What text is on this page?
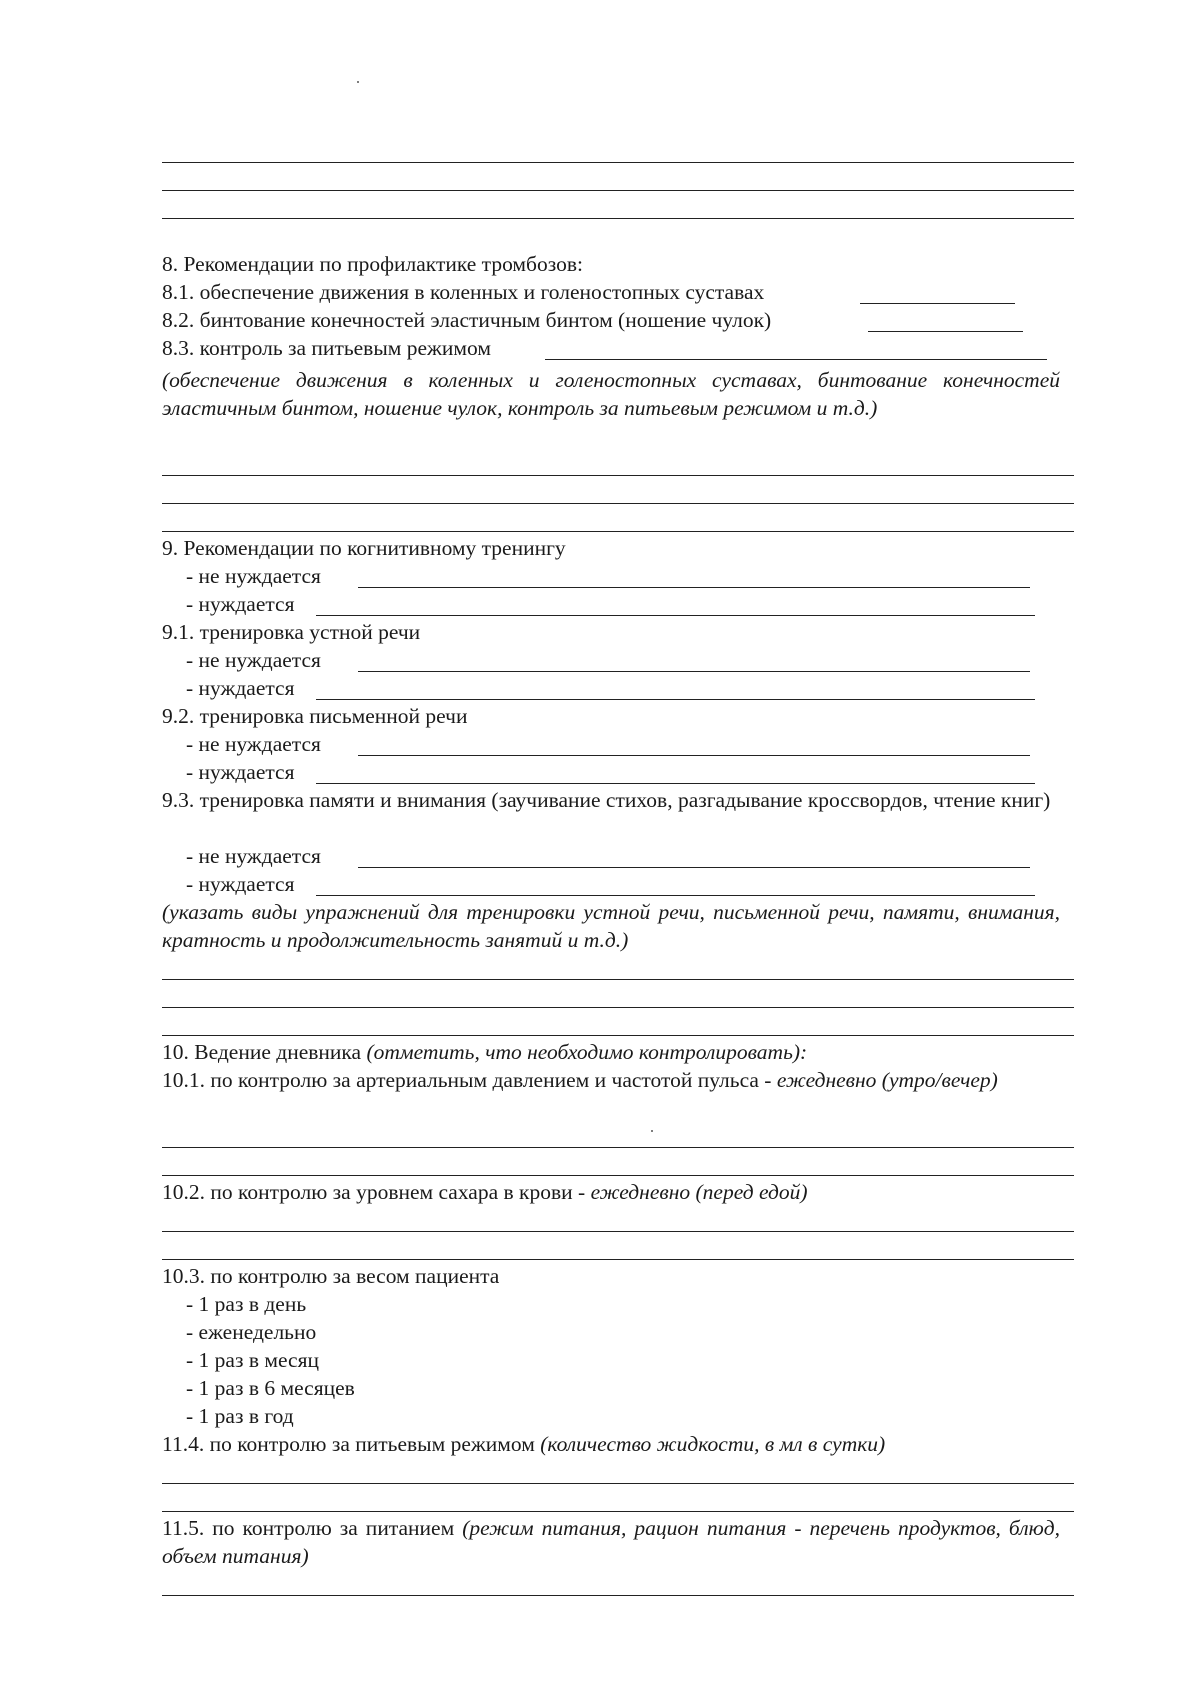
8. Рекомендации по профилактике тромбозов:
8.1. обеспечение движения в коленных и голеностопных суставах
8.2. бинтование конечностей эластичным бинтом (ношение чулок)
8.3. контроль за питьевым режимом
(обеспечение движения в коленных и голеностопных суставах, бинтование конечностей эластичным бинтом, ношение чулок, контроль за питьевым режимом и т.д.)
9. Рекомендации по когнитивному тренингу
- не нуждается
- нуждается
9.1. тренировка устной речи
- не нуждается
- нуждается
9.2. тренировка письменной речи
- не нуждается
- нуждается
9.3. тренировка памяти и внимания (заучивание стихов, разгадывание кроссвордов, чтение книг)
- не нуждается
- нуждается
(указать виды упражнений для тренировки устной речи, письменной речи, памяти, внимания, кратность и продолжительность занятий и т.д.)
10. Ведение дневника (отметить, что необходимо контролировать):
10.1. по контролю за артериальным давлением и частотой пульса - ежедневно (утро/вечер)
10.2. по контролю за уровнем сахара в крови - ежедневно (перед едой)
10.3. по контролю за весом пациента
- 1 раз в день
- еженедельно
- 1 раз в месяц
- 1 раз в 6 месяцев
- 1 раз в год
11.4. по контролю за питьевым режимом (количество жидкости, в мл в сутки)
11.5. по контролю за питанием (режим питания, рацион питания - перечень продуктов, блюд, объем питания)
